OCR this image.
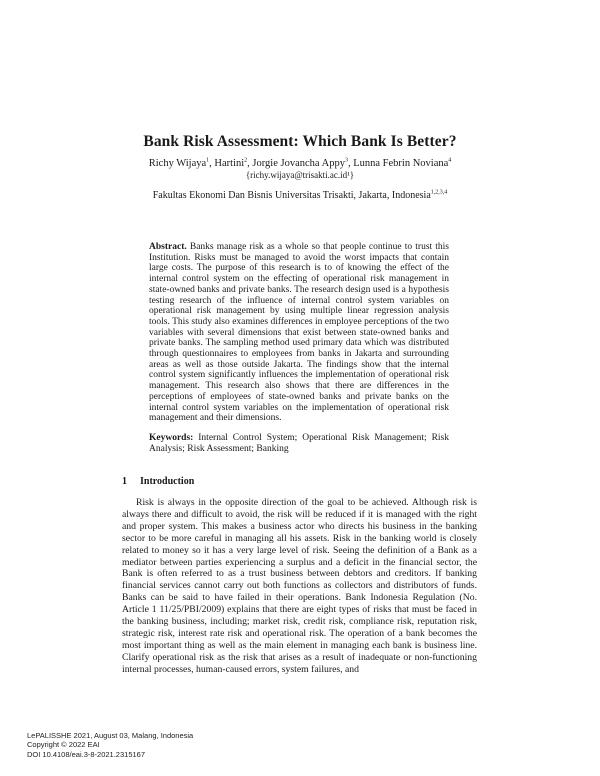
Bank Risk Assessment: Which Bank Is Better?
Richy Wijaya$^1$, Hartini$^2$, Jorgie Jovancha Appy$^3$, Lunna Febrin Noviana$^4$
{richy.wijaya@trisakti.ac.id¹}
Fakultas Ekonomi Dan Bisnis Universitas Trisakti, Jakarta, Indonesia$^{1,2,3,4}$
Abstract. Banks manage risk as a whole so that people continue to trust this Institution. Risks must be managed to avoid the worst impacts that contain large costs. The purpose of this research is to of knowing the effect of the internal control system on the effecting of operational risk management in state-owned banks and private banks. The research design used is a hypothesis testing research of the influence of internal control system variables on operational risk management by using multiple linear regression analysis tools. This study also examines differences in employee perceptions of the two variables with several dimensions that exist between state-owned banks and private banks. The sampling method used primary data which was distributed through questionnaires to employees from banks in Jakarta and surrounding areas as well as those outside Jakarta. The findings show that the internal control system significantly influences the implementation of operational risk management. This research also shows that there are differences in the perceptions of employees of state-owned banks and private banks on the internal control system variables on the implementation of operational risk management and their dimensions.
Keywords: Internal Control System; Operational Risk Management; Risk Analysis; Risk Assessment; Banking
1 Introduction
Risk is always in the opposite direction of the goal to be achieved. Although risk is always there and difficult to avoid, the risk will be reduced if it is managed with the right and proper system. This makes a business actor who directs his business in the banking sector to be more careful in managing all his assets. Risk in the banking world is closely related to money so it has a very large level of risk. Seeing the definition of a Bank as a mediator between parties experiencing a surplus and a deficit in the financial sector, the Bank is often referred to as a trust business between debtors and creditors. If banking financial services cannot carry out both functions as collectors and distributors of funds. Banks can be said to have failed in their operations. Bank Indonesia Regulation (No. Article 1 11/25/PBI/2009) explains that there are eight types of risks that must be faced in the banking business, including; market risk, credit risk, compliance risk, reputation risk, strategic risk, interest rate risk and operational risk. The operation of a bank becomes the most important thing as well as the main element in managing each bank is business line. Clarify operational risk as the risk that arises as a result of inadequate or non-functioning internal processes, human-caused errors, system failures, and
LePALISSHE 2021, August 03, Malang, Indonesia
Copyright © 2022 EAI
DOI 10.4108/eai.3-8-2021.2315167
